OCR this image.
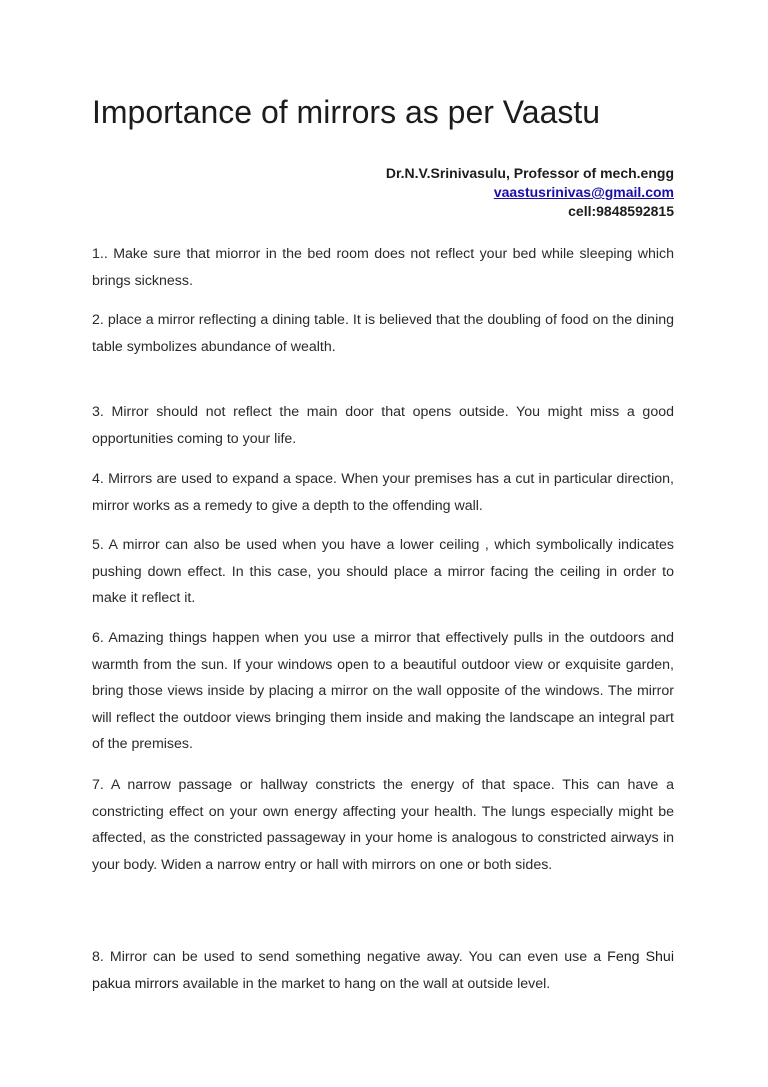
Importance of mirrors as per Vaastu
Dr.N.V.Srinivasulu, Professor of mech.engg
vaastusrinivas@gmail.com
cell:9848592815

1.. Make sure that miorror in the bed room does not reflect your bed while sleeping which brings sickness.

2. place a mirror reflecting a dining table. It is believed that the doubling of food on the dining table symbolizes abundance of wealth.

3. Mirror should not reflect the main door that opens outside. You might miss a good opportunities coming to your life.

4. Mirrors are used to expand a space. When your premises has a cut in particular direction, mirror works as a remedy to give a depth to the offending wall.

5. A mirror can also be used when you have a lower ceiling , which symbolically indicates pushing down effect. In this case, you should place a mirror facing the ceiling in order to make it reflect it.

6. Amazing things happen when you use a mirror that effectively pulls in the outdoors and warmth from the sun. If your windows open to a beautiful outdoor view or exquisite garden, bring those views inside by placing a mirror on the wall opposite of the windows. The mirror will reflect the outdoor views bringing them inside and making the landscape an integral part of the premises.

7. A narrow passage or hallway constricts the energy of that space. This can have a constricting effect on your own energy affecting your health. The lungs especially might be affected, as the constricted passageway in your home is analogous to constricted airways in your body. Widen a narrow entry or hall with mirrors on one or both sides.

8. Mirror can be used to send something negative away. You can even use a Feng Shui pakua mirrors available in the market to hang on the wall at outside level.
